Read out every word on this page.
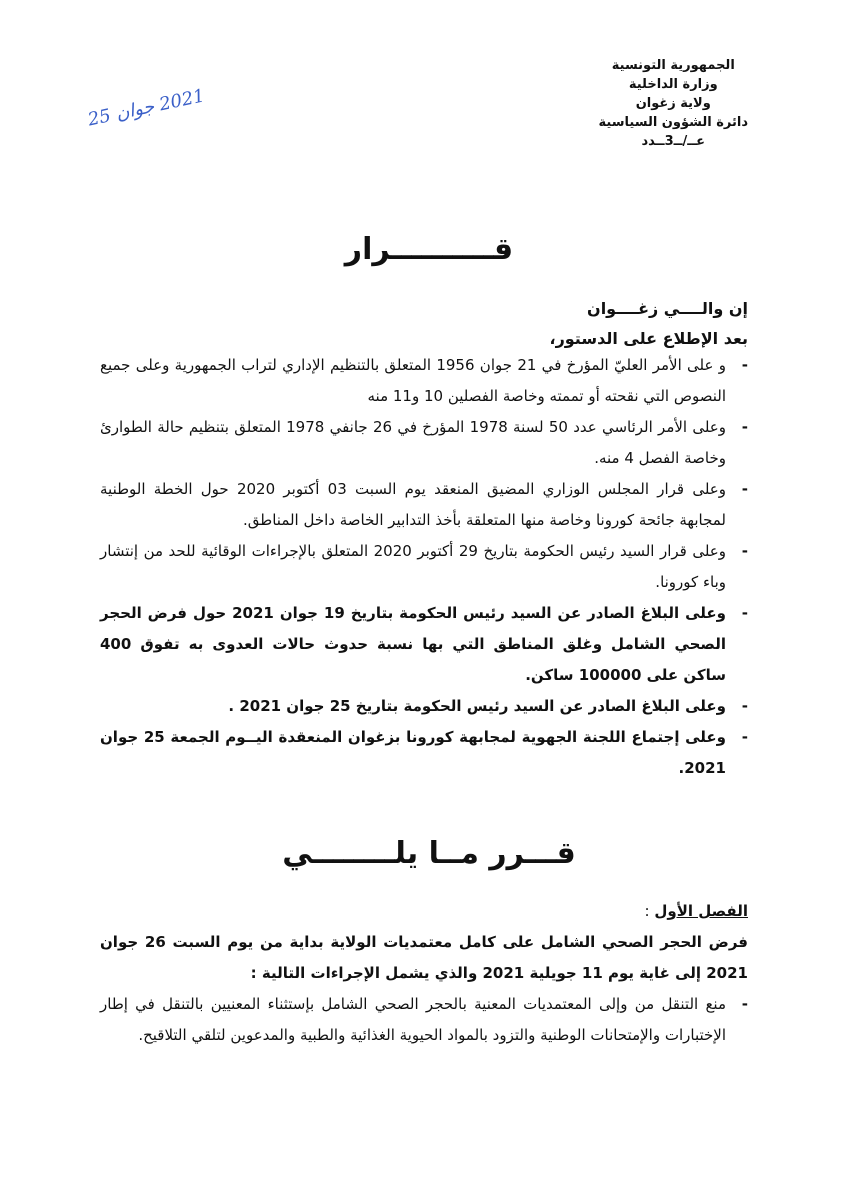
الجمهورية التونسية
وزارة الداخلية
ولاية زغوان
دائرة الشؤون السياسية
عــ/ــ3ــدد
2021 جوان 25
قــــــــــرار
إن والــــي زغــــوان
بعد الإطلاع على الدستور،
- و على الأمر العليّ المؤرخ في 21 جوان 1956 المتعلق بالتنظيم الإداري لتراب الجمهورية وعلى جميع النصوص التي نقحته أو تممته وخاصة الفصلين 10 و11 منه
- وعلى الأمر الرئاسي عدد 50 لسنة 1978 المؤرخ في 26 جانفي 1978 المتعلق بتنظيم حالة الطوارئ وخاصة الفصل 4 منه.
- وعلى قرار المجلس الوزاري المضيق المنعقد يوم السبت 03 أكتوبر 2020 حول الخطة الوطنية لمجابهة جائحة كورونا وخاصة منها المتعلقة بأخذ التدابير الخاصة داخل المناطق.
- وعلى قرار السيد رئيس الحكومة بتاريخ 29 أكتوبر 2020 المتعلق بالإجراءات الوقائية للحد من إنتشار وباء كورونا.
- وعلى البلاغ الصادر عن السيد رئيس الحكومة بتاريخ 19 جوان 2021 حول فرض الحجر الصحي الشامل وغلق المناطق التي بها نسبة حدوث حالات العدوى به تفوق 400 ساكن على 100000 ساكن.
- وعلى البلاغ الصادر عن السيد رئيس الحكومة بتاريخ 25 جوان 2021 .
- وعلى إجتماع اللجنة الجهوية لمجابهة كورونا بزغوان المنعقدة اليــوم الجمعة 25 جوان 2021.
قـــرر مــا يلــــــــي
الفصل الأول :
فرض الحجر الصحي الشامل على كامل معتمديات الولاية بداية من يوم السبت 26 جوان 2021 إلى غاية يوم 11 جويلية 2021 والذي يشمل الإجراءات التالية :
- منع التنقل من وإلى المعتمديات المعنية بالحجر الصحي الشامل بإستثناء المعنيين بالتنقل في إطار الإختبارات والإمتحانات الوطنية والتزود بالمواد الحيوية الغذائية والطبية والمدعوين لتلقي التلاقيح.
